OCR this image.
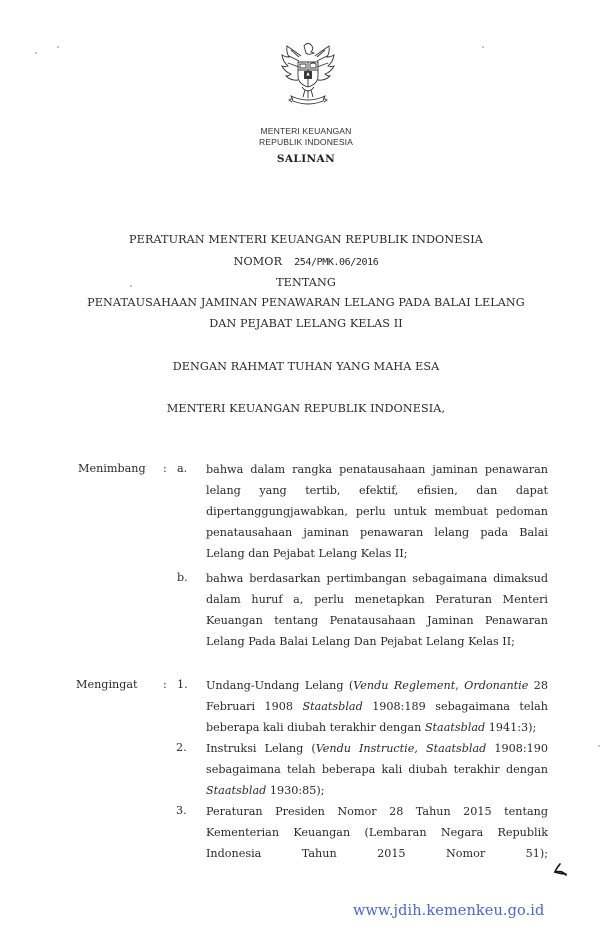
MENTERI KEUANGAN
REPUBLIK INDONESIA
SALINAN
PERATURAN MENTERI KEUANGAN REPUBLIK INDONESIA
NOMOR 254/PMK.06/2016
TENTANG
PENATAUSAHAAN JAMINAN PENAWARAN LELANG PADA BALAI LELANG
DAN PEJABAT LELANG KELAS II
DENGAN RAHMAT TUHAN YANG MAHA ESA
MENTERI KEUANGAN REPUBLIK INDONESIA,
Menimbang : a. bahwa dalam rangka penatausahaan jaminan penawaran
lelang yang tertib, efektif, efisien, dan dapat
dipertanggungjawabkan, perlu untuk membuat pedoman
penatausahaan jaminan penawaran lelang pada Balai
Lelang dan Pejabat Lelang Kelas II;
b. bahwa berdasarkan pertimbangan sebagaimana dimaksud
dalam huruf a, perlu menetapkan Peraturan Menteri
Keuangan tentang Penatausahaan Jaminan Penawaran
Lelang Pada Balai Lelang Dan Pejabat Lelang Kelas II;
Mengingat : 1. Undang-Undang Lelang (Vendu Reglement, Ordonantie 28 Februari 1908 Staatsblad 1908:189 sebagaimana telah beberapa kali diubah terakhir dengan Staatsblad 1941:3);
2. Instruksi Lelang (Vendu Instructie, Staatsblad 1908:190 sebagaimana telah beberapa kali diubah terakhir dengan Staatsblad 1930:85);
3. Peraturan Presiden Nomor 28 Tahun 2015 tentang Kementerian Keuangan (Lembaran Negara Republik Indonesia Tahun 2015 Nomor 51);
www.jdih.kemenkeu.go.id
